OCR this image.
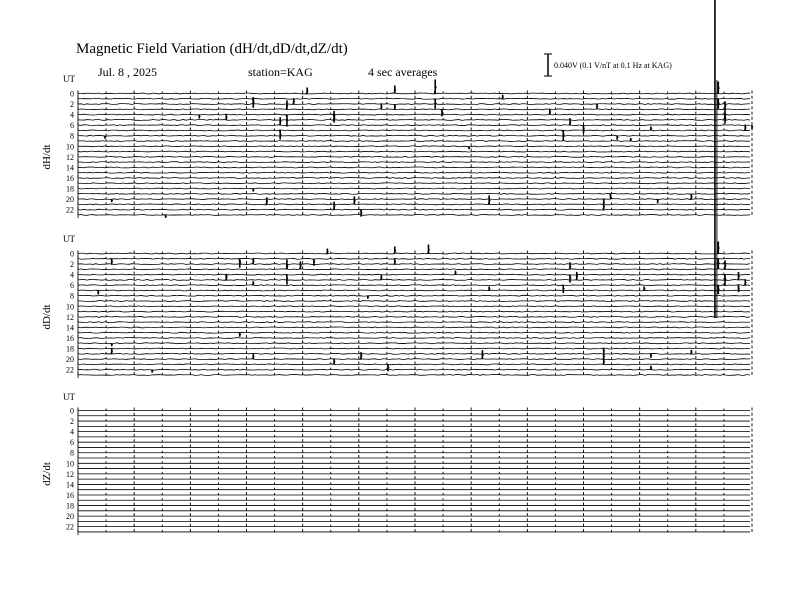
Magnetic Field Variation (dH/dt,dD/dt,dZ/dt)
Jul. 8 , 2025	station=KAG	4 sec averages	0.040V (0.1 V/nT at 0.1 Hz at KAG)
UT
dH/dt
0
2
4
6
8
10
12
14
16
18
20
22
UT
dD/dt
0
2
4
6
8
10
12
14
16
18
20
22
UT
dZ/dt
0
2
4
6
8
10
12
14
16
18
20
22
